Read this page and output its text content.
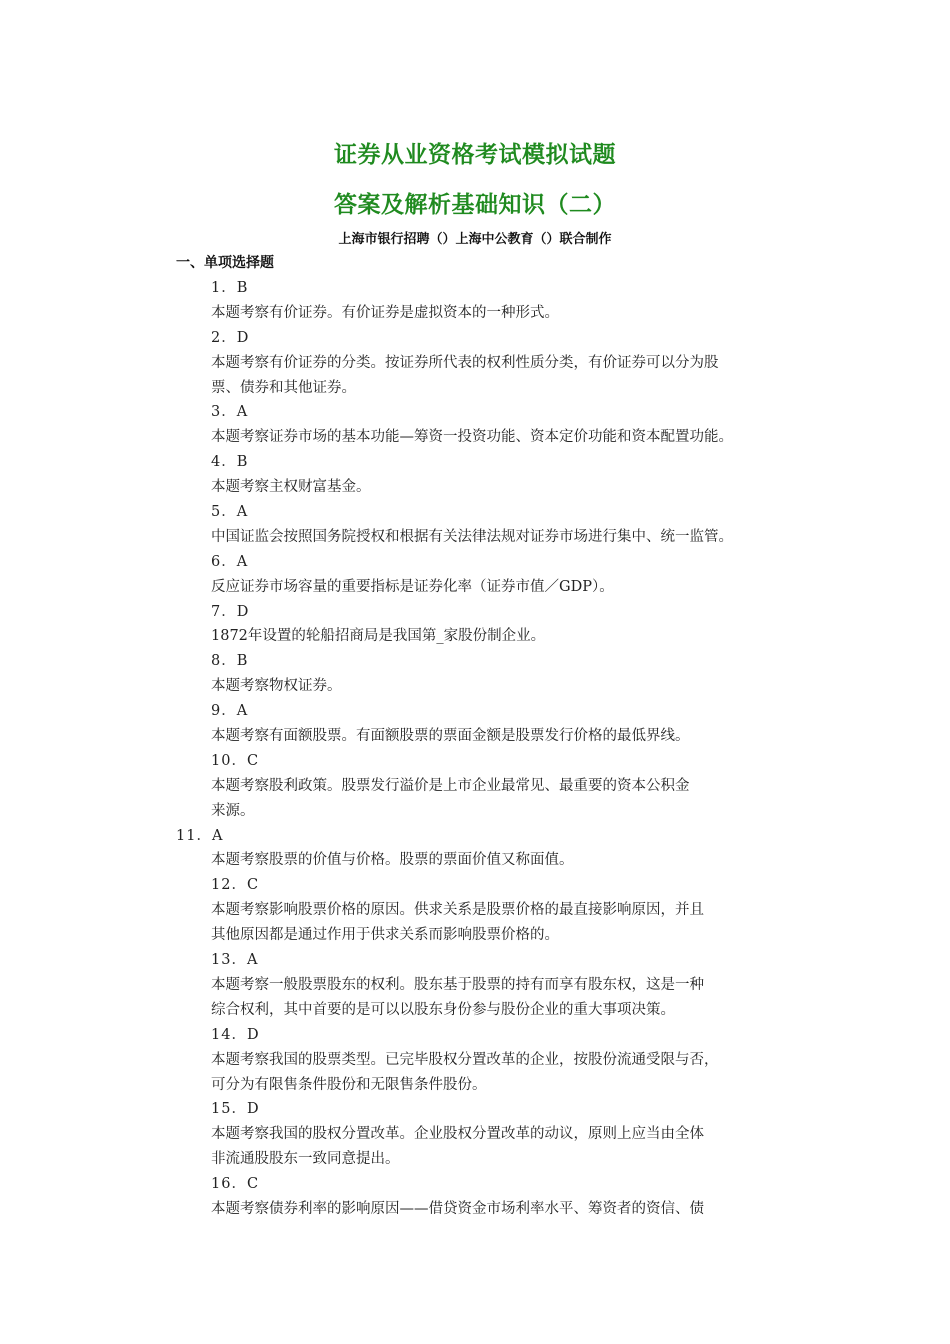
证券从业资格考试模拟试题
答案及解析基础知识（二）
上海市银行招聘（）上海中公教育（）联合制作
一、单项选择题
1．B
本题考察有价证券。有价证券是虚拟资本的一种形式。
2．D
本题考察有价证券的分类。按证券所代表的权利性质分类，有价证券可以分为股
票、债券和其他证券。
3．A
本题考察证券市场的基本功能—筹资一投资功能、资本定价功能和资本配置功能。
4．B
本题考察主权财富基金。
5．A
中国证监会按照国务院授权和根据有关法律法规对证券市场进行集中、统一监管。
6．A
反应证券市场容量的重要指标是证券化率（证券市值／GDP）。
7．D
1872年设置的轮船招商局是我国第_家股份制企业。
8．B
本题考察物权证券。
9．A
本题考察有面额股票。有面额股票的票面金额是股票发行价格的最低界线。
10．C
本题考察股利政策。股票发行溢价是上市企业最常见、最重要的资本公积金
来源。
11．A
本题考察股票的价值与价格。股票的票面价值又称面值。
12．C
本题考察影响股票价格的原因。供求关系是股票价格的最直接影响原因，并且
其他原因都是通过作用于供求关系而影响股票价格的。
13．A
本题考察一般股票股东的权利。股东基于股票的持有而享有股东权，这是一种
综合权利，其中首要的是可以以股东身份参与股份企业的重大事项决策。
14．D
本题考察我国的股票类型。已完毕股权分置改革的企业，按股份流通受限与否，
可分为有限售条件股份和无限售条件股份。
15．D
本题考察我国的股权分置改革。企业股权分置改革的动议，原则上应当由全体
非流通股股东一致同意提出。
16．C
本题考察债券利率的影响原因——借贷资金市场利率水平、筹资者的资信、债
